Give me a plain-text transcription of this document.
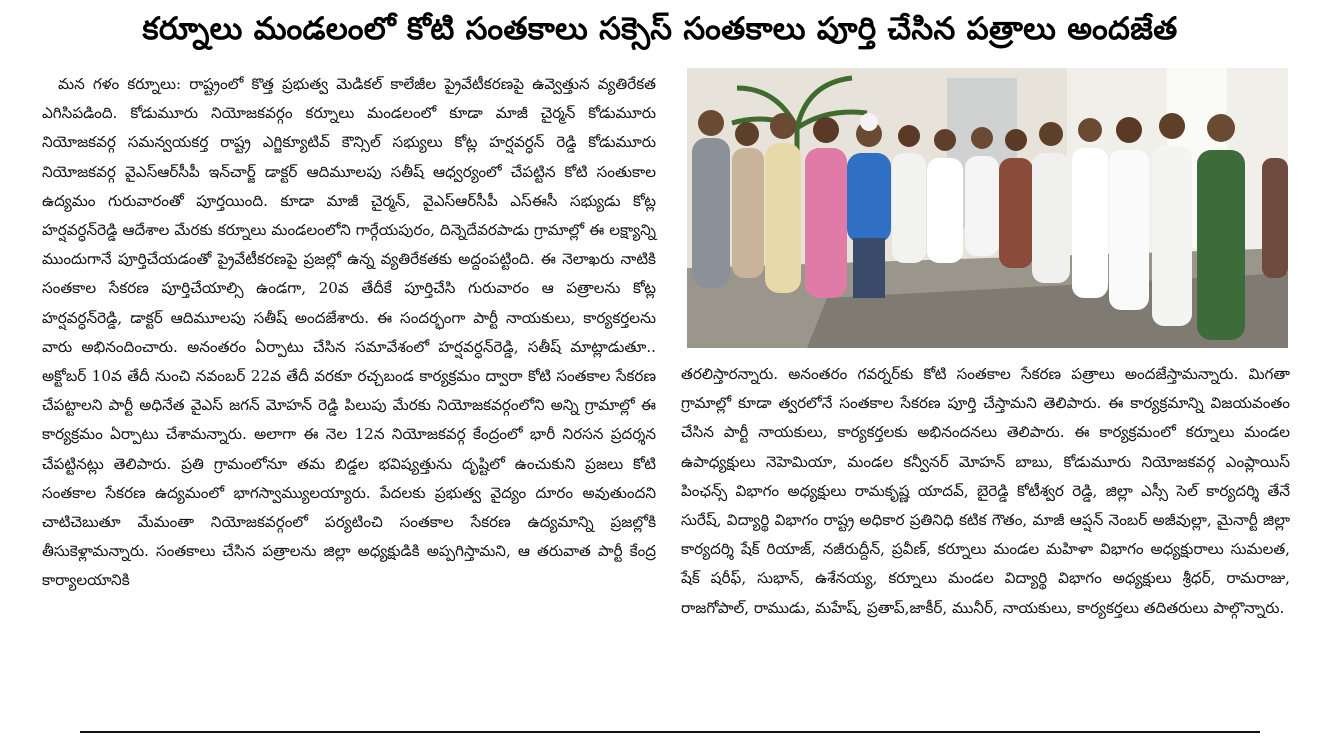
కర్నూలు మండలంలో కోటి సంతకాలు సక్సెస్ సంతకాలు పూర్తి చేసిన పత్రాలు అందజేత

మన గళం కర్నూలు: రాష్ట్రంలో కొత్త ప్రభుత్వ మెడికల్ కాలేజీల ప్రైవేటీకరణపై ఉవ్వెత్తున వ్యతిరేకత ఎగిసిపడింది. కోడుమూరు నియోజకవర్గం కర్నూలు మండలంలో కూడా మాజీ చైర్మన్ కోడుమూరు నియోజకవర్గ సమన్వయకర్త రాష్ట్ర ఎగ్జిక్యూటివ్ కౌన్సిల్ సభ్యులు కోట్ల హర్షవర్ధన్ రెడ్డి కోడుమూరు నియోజకవర్గ వైఎస్ఆర్‌సీపీ ఇన్‌చార్జ్ డాక్టర్ ఆదిమూలపు సతీష్ ఆధ్వర్యంలో చేపట్టిన కోటి సంతుకాల ఉద్యమం గురువారంతో పూర్తయింది. కూడా మాజీ చైర్మన్, వైఎస్ఆర్‌సీపీ ఎస్ఈసీ సభ్యుడు కోట్ల హర్షవర్ధన్‌రెడ్డి ఆదేశాల మేరకు కర్నూలు మండలంలోని గార్గేయపురం, దిన్నెదేవరపాడు గ్రామాల్లో ఈ లక్ష్యాన్ని ముందుగానే పూర్తిచేయడంతో ప్రైవేటీకరణపై ప్రజల్లో ఉన్న వ్యతిరేకతకు అద్దంపట్టింది. ఈ నెలాఖరు నాటికి సంతకాల సేకరణ పూర్తిచేయాల్సి ఉండగా, 20వ తేదీకే పూర్తిచేసి గురువారం ఆ పత్రాలను కోట్ల హర్షవర్ధన్‌రెడ్డి, డాక్టర్ ఆదిమూలపు సతీష్ అందజేశారు. ఈ సందర్భంగా పార్టీ నాయకులు, కార్యకర్తలను వారు అభినందించారు. అనంతరం ఏర్పాటు చేసిన సమావేశంలో హర్షవర్ధన్‌రెడ్డి, సతీష్ మాట్లాడుతూ.. అక్టోబర్ 10వ తేదీ నుంచి నవంబర్ 22వ తేదీ వరకూ రచ్చబండ కార్యక్రమం ద్వారా కోటి సంతకాల సేకరణ చేపట్టాలని పార్టీ అధినేత వైఎస్ జగన్ మోహన్ రెడ్డి పిలుపు మేరకు నియోజకవర్గంలోని అన్ని గ్రామాల్లో ఈ కార్యక్రమం ఏర్పాటు చేశామన్నారు. అలాగా ఈ నెల 12న నియోజకవర్గ కేంద్రంలో భారీ నిరసన ప్రదర్శన చేపట్టినట్లు తెలిపారు. ప్రతి గ్రామంలోనూ తమ బిడ్డల భవిష్యత్తును దృష్టిలో ఉంచుకుని ప్రజలు కోటి సంతకాల సేకరణ ఉద్యమంలో భాగస్వామ్యులయ్యారు. పేదలకు ప్రభుత్వ వైద్యం దూరం అవుతుందని చాటిచెబుతూ మేమంతా నియోజకవర్గంలో పర్యటించి సంతకాల సేకరణ ఉద్యమాన్ని ప్రజల్లోకి తీసుకెళ్లామన్నారు. సంతకాలు చేసిన పత్రాలను జిల్లా అధ్యక్షుడికి అప్పగిస్తామని, ఆ తరువాత పార్టీ కేంద్ర కార్యాలయానికి

తరలిస్తారన్నారు. అనంతరం గవర్నర్‌కు కోటి సంతకాల సేకరణ పత్రాలు అందజేస్తామన్నారు. మిగతా గ్రామాల్లో కూడా త్వరలోనే సంతకాల సేకరణ పూర్తి చేస్తామని తెలిపారు. ఈ కార్యక్రమాన్ని విజయవంతం చేసిన పార్టీ నాయకులు, కార్యకర్తలకు అభినందనలు తెలిపారు. ఈ కార్యక్రమంలో కర్నూలు మండల ఉపాధ్యక్షులు నెహెమియా, మండల కన్వీనర్ మోహన్ బాబు, కోడుమూరు నియోజకవర్గ ఎంప్లాయిస్ పింఛన్స్ విభాగం అధ్యక్షులు రామకృష్ణ యాదవ్, బైరెడ్డి కోటీశ్వర రెడ్డి, జిల్లా ఎస్సీ సెల్ కార్యదర్శి తేనే సురేష్, విద్యార్థి విభాగం రాష్ట్ర అధికార ప్రతినిధి కటిక గౌతం, మాజీ ఆప్షన్ నెంబర్ అజీవుల్లా, మైనార్టీ జిల్లా కార్యదర్శి షేక్ రియాజ్, నజీరుద్దీన్, ప్రవీణ్, కర్నూలు మండల మహిళా విభాగం అధ్యక్షురాలు సుమలత, షేక్ షరీఫ్, సుభాన్, ఉశేనయ్య, కర్నూలు మండల విద్యార్థి విభాగం అధ్యక్షులు శ్రీధర్, రామరాజు, రాజగోపాల్, రాముడు, మహేష్, ప్రతాప్,జాకీర్, మునీర్, నాయకులు, కార్యకర్తలు తదితరులు పాల్గొన్నారు.
